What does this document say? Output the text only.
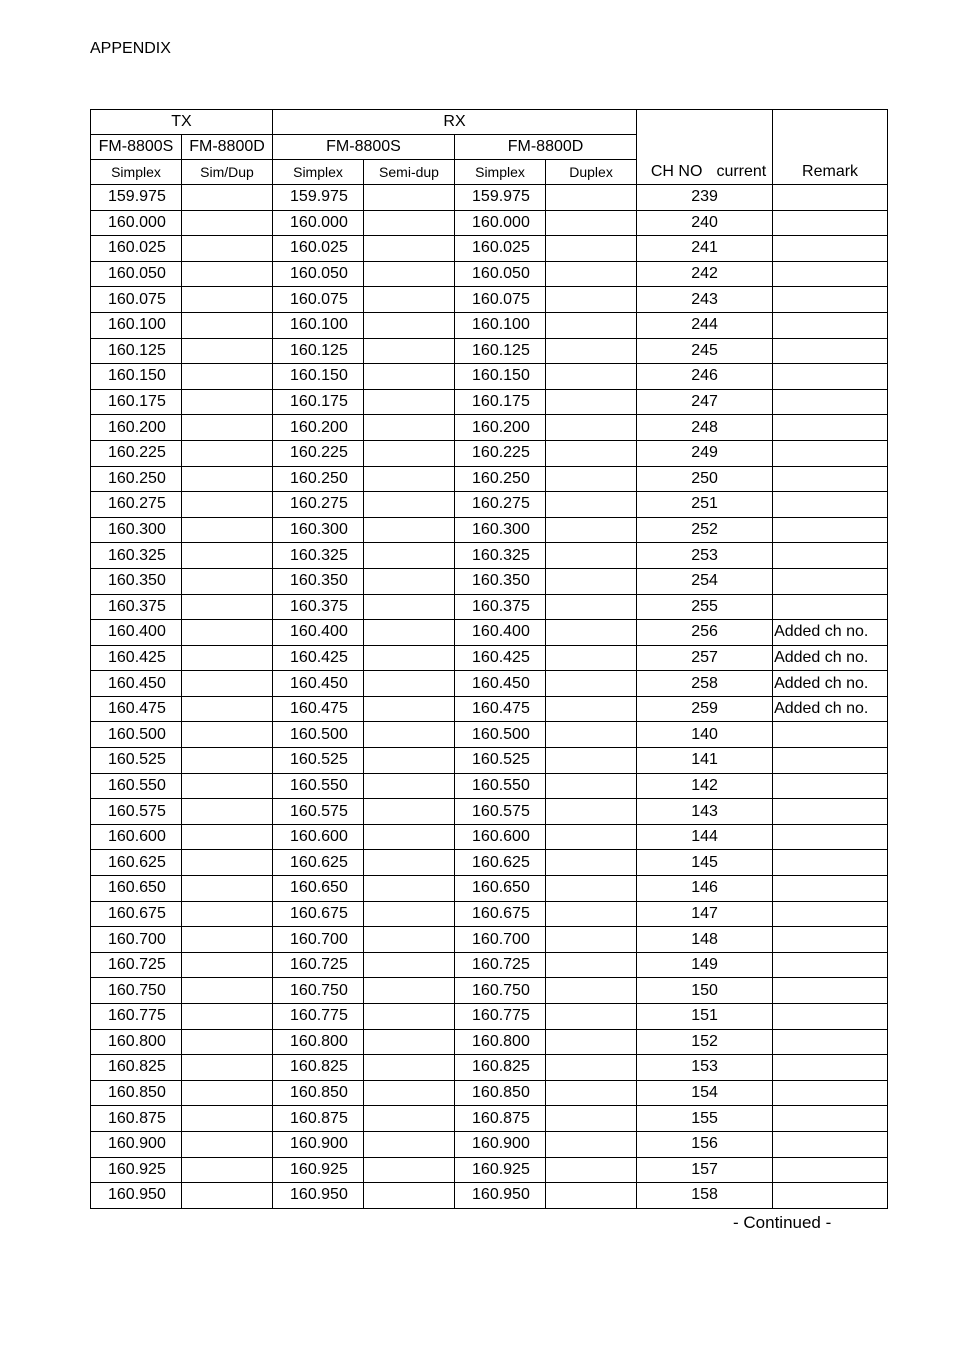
APPENDIX
TX		RX				CH NO current	Remark
FM-8800S	FM-8800D	FM-8800S		FM-8800D			
Simplex	Sim/Dup	Simplex	Semi-dup	Simplex	Duplex		
159.975		159.975		159.975		239	
160.000		160.000		160.000		240	
160.025		160.025		160.025		241	
160.050		160.050		160.050		242	
160.075		160.075		160.075		243	
160.100		160.100		160.100		244	
160.125		160.125		160.125		245	
160.150		160.150		160.150		246	
160.175		160.175		160.175		247	
160.200		160.200		160.200		248	
160.225		160.225		160.225		249	
160.250		160.250		160.250		250	
160.275		160.275		160.275		251	
160.300		160.300		160.300		252	
160.325		160.325		160.325		253	
160.350		160.350		160.350		254	
160.375		160.375		160.375		255	
160.400		160.400		160.400		256	Added ch no.
160.425		160.425		160.425		257	Added ch no.
160.450		160.450		160.450		258	Added ch no.
160.475		160.475		160.475		259	Added ch no.
160.500		160.500		160.500		140	
160.525		160.525		160.525		141	
160.550		160.550		160.550		142	
160.575		160.575		160.575		143	
160.600		160.600		160.600		144	
160.625		160.625		160.625		145	
160.650		160.650		160.650		146	
160.675		160.675		160.675		147	
160.700		160.700		160.700		148	
160.725		160.725		160.725		149	
160.750		160.750		160.750		150	
160.775		160.775		160.775		151	
160.800		160.800		160.800		152	
160.825		160.825		160.825		153	
160.850		160.850		160.850		154	
160.875		160.875		160.875		155	
160.900		160.900		160.900		156	
160.925		160.925		160.925		157	
160.950		160.950		160.950		158	
- Continued -
